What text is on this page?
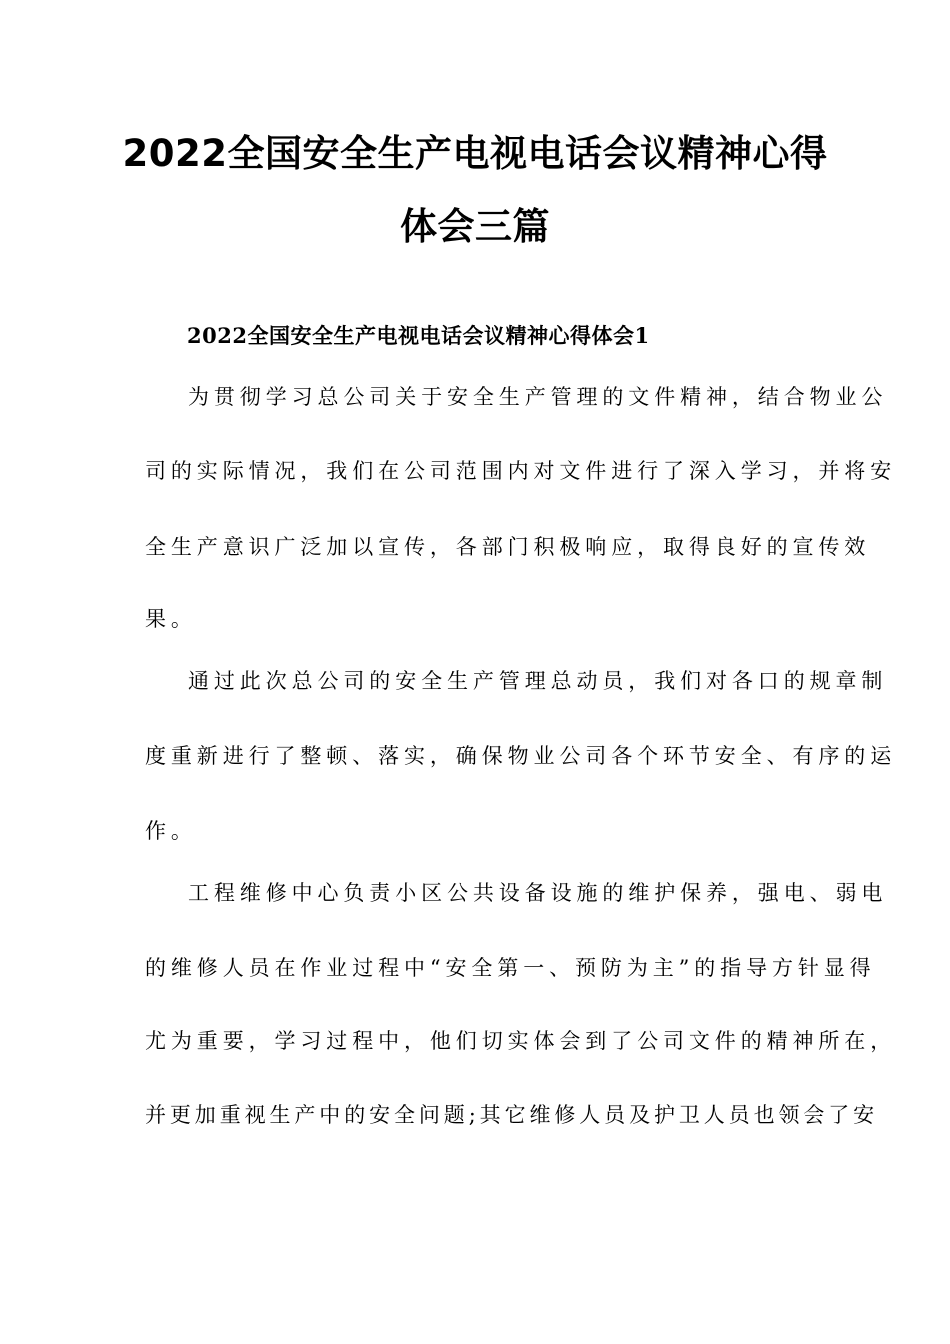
2022全国安全生产电视电话会议精神心得
体会三篇
2022全国安全生产电视电话会议精神心得体会1
为贯彻学习总公司关于安全生产管理的文件精神，结合物业公
司的实际情况，我们在公司范围内对文件进行了深入学习，并将安
全生产意识广泛加以宣传，各部门积极响应，取得良好的宣传效
果。
通过此次总公司的安全生产管理总动员，我们对各口的规章制
度重新进行了整顿、落实，确保物业公司各个环节安全、有序的运
作。
工程维修中心负责小区公共设备设施的维护保养，强电、弱电
的维修人员在作业过程中“安全第一、预防为主”的指导方针显得
尤为重要，学习过程中，他们切实体会到了公司文件的精神所在，
并更加重视生产中的安全问题;其它维修人员及护卫人员也领会了安
